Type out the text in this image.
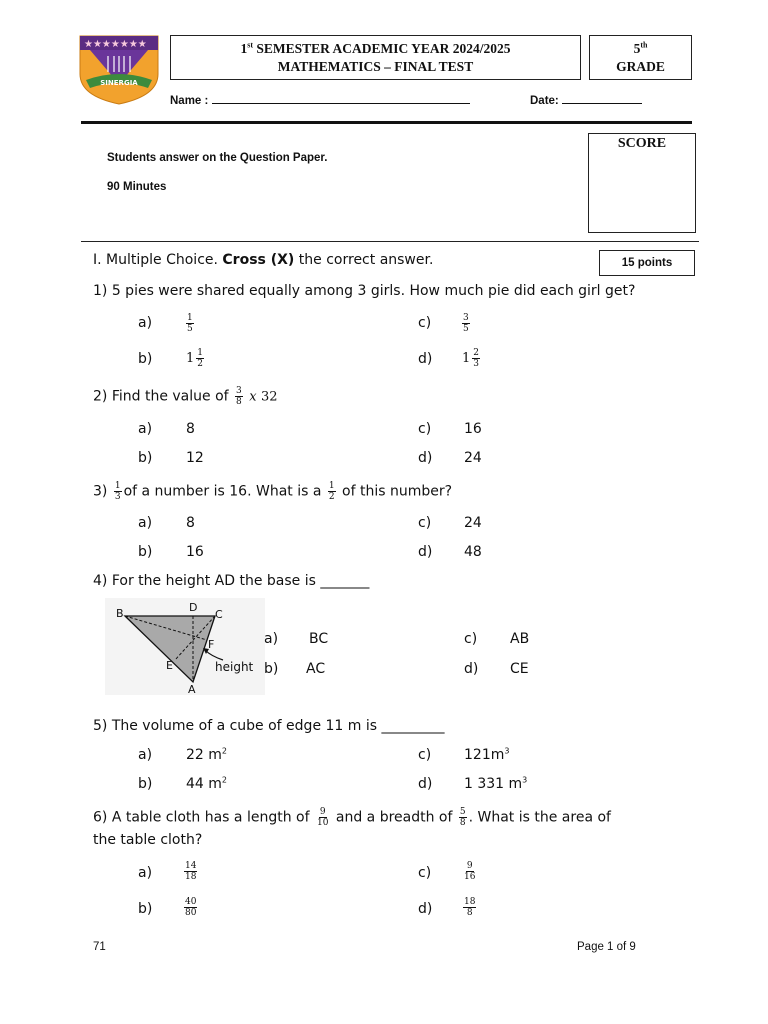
★★★★★★★
SINERGIA
1st SEMESTER ACADEMIC YEAR 2024/2025
MATHEMATICS – FINAL TEST
5th
GRADE
Name :	Date:
Students answer on the Question Paper.
90 Minutes
SCORE
I. Multiple Choice. Cross (X) the correct answer.	15 points
1) 5 pies were shared equally among 3 girls. How much pie did each girl get?
a)	$\frac{1}{5}$	c)	$\frac{3}{5}$
b)	$1 \frac{1}{2}$	d) $1 \frac{2}{3}$
2) Find the value of $\frac{3}{8}$ x 32
a) 8	c) 16
b) 12	d) 24
$3) \frac{1}{3}$ of a number is 16. What is a $\frac{1}{2}$ of this number?
a) 8	c) 24
b) 16	d) 48
4) For the height AD the base is _______
B	D
C
F
E
A
height
a) BC	c) AB
b) AC	d) CE
5) The volume of a cube of edge 11 m is _________
a) 22 $m^2$	c) $121m^3$
b) 44 $m^2$	d) 1 331 $m^3$
6) A table cloth has a length of $\frac{9}{10}$ and a breadth of $\frac{5}{8}$ . What is the area of
the table cloth?
a)	$\frac{14}{18}$	c)	$\frac{9}{16}$
b)	$\frac{40}{80}$	d)	$\frac{18}{8}$
71	Page 1 of 9
